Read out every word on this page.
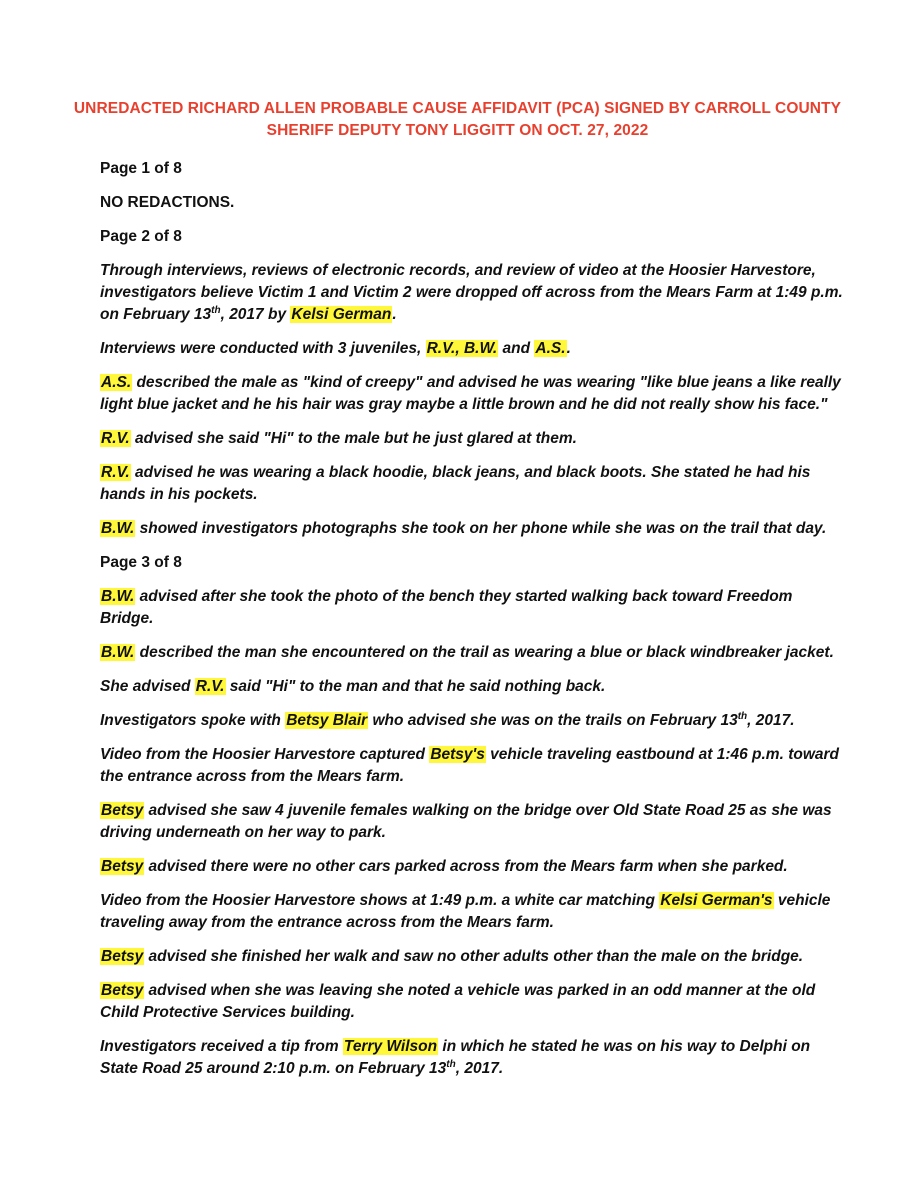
UNREDACTED RICHARD ALLEN PROBABLE CAUSE AFFIDAVIT (PCA) SIGNED BY CARROLL COUNTY SHERIFF DEPUTY TONY LIGGITT ON OCT. 27, 2022
Page 1 of 8
NO REDACTIONS.
Page 2 of 8
Through interviews, reviews of electronic records, and review of video at the Hoosier Harvestore, investigators believe Victim 1 and Victim 2 were dropped off across from the Mears Farm at 1:49 p.m. on February 13th, 2017 by Kelsi German.
Interviews were conducted with 3 juveniles, R.V., B.W. and A.S..
A.S. described the male as "kind of creepy" and advised he was wearing "like blue jeans a like really light blue jacket and he his hair was gray maybe a little brown and he did not really show his face."
R.V. advised she said "Hi" to the male but he just glared at them.
R.V. advised he was wearing a black hoodie, black jeans, and black boots. She stated he had his hands in his pockets.
B.W. showed investigators photographs she took on her phone while she was on the trail that day.
Page 3 of 8
B.W. advised after she took the photo of the bench they started walking back toward Freedom Bridge.
B.W. described the man she encountered on the trail as wearing a blue or black windbreaker jacket.
She advised R.V. said "Hi" to the man and that he said nothing back.
Investigators spoke with Betsy Blair who advised she was on the trails on February 13th, 2017.
Video from the Hoosier Harvestore captured Betsy's vehicle traveling eastbound at 1:46 p.m. toward the entrance across from the Mears farm.
Betsy advised she saw 4 juvenile females walking on the bridge over Old State Road 25 as she was driving underneath on her way to park.
Betsy advised there were no other cars parked across from the Mears farm when she parked.
Video from the Hoosier Harvestore shows at 1:49 p.m. a white car matching Kelsi German's vehicle traveling away from the entrance across from the Mears farm.
Betsy advised she finished her walk and saw no other adults other than the male on the bridge.
Betsy advised when she was leaving she noted a vehicle was parked in an odd manner at the old Child Protective Services building.
Investigators received a tip from Terry Wilson in which he stated he was on his way to Delphi on State Road 25 around 2:10 p.m. on February 13th, 2017.
